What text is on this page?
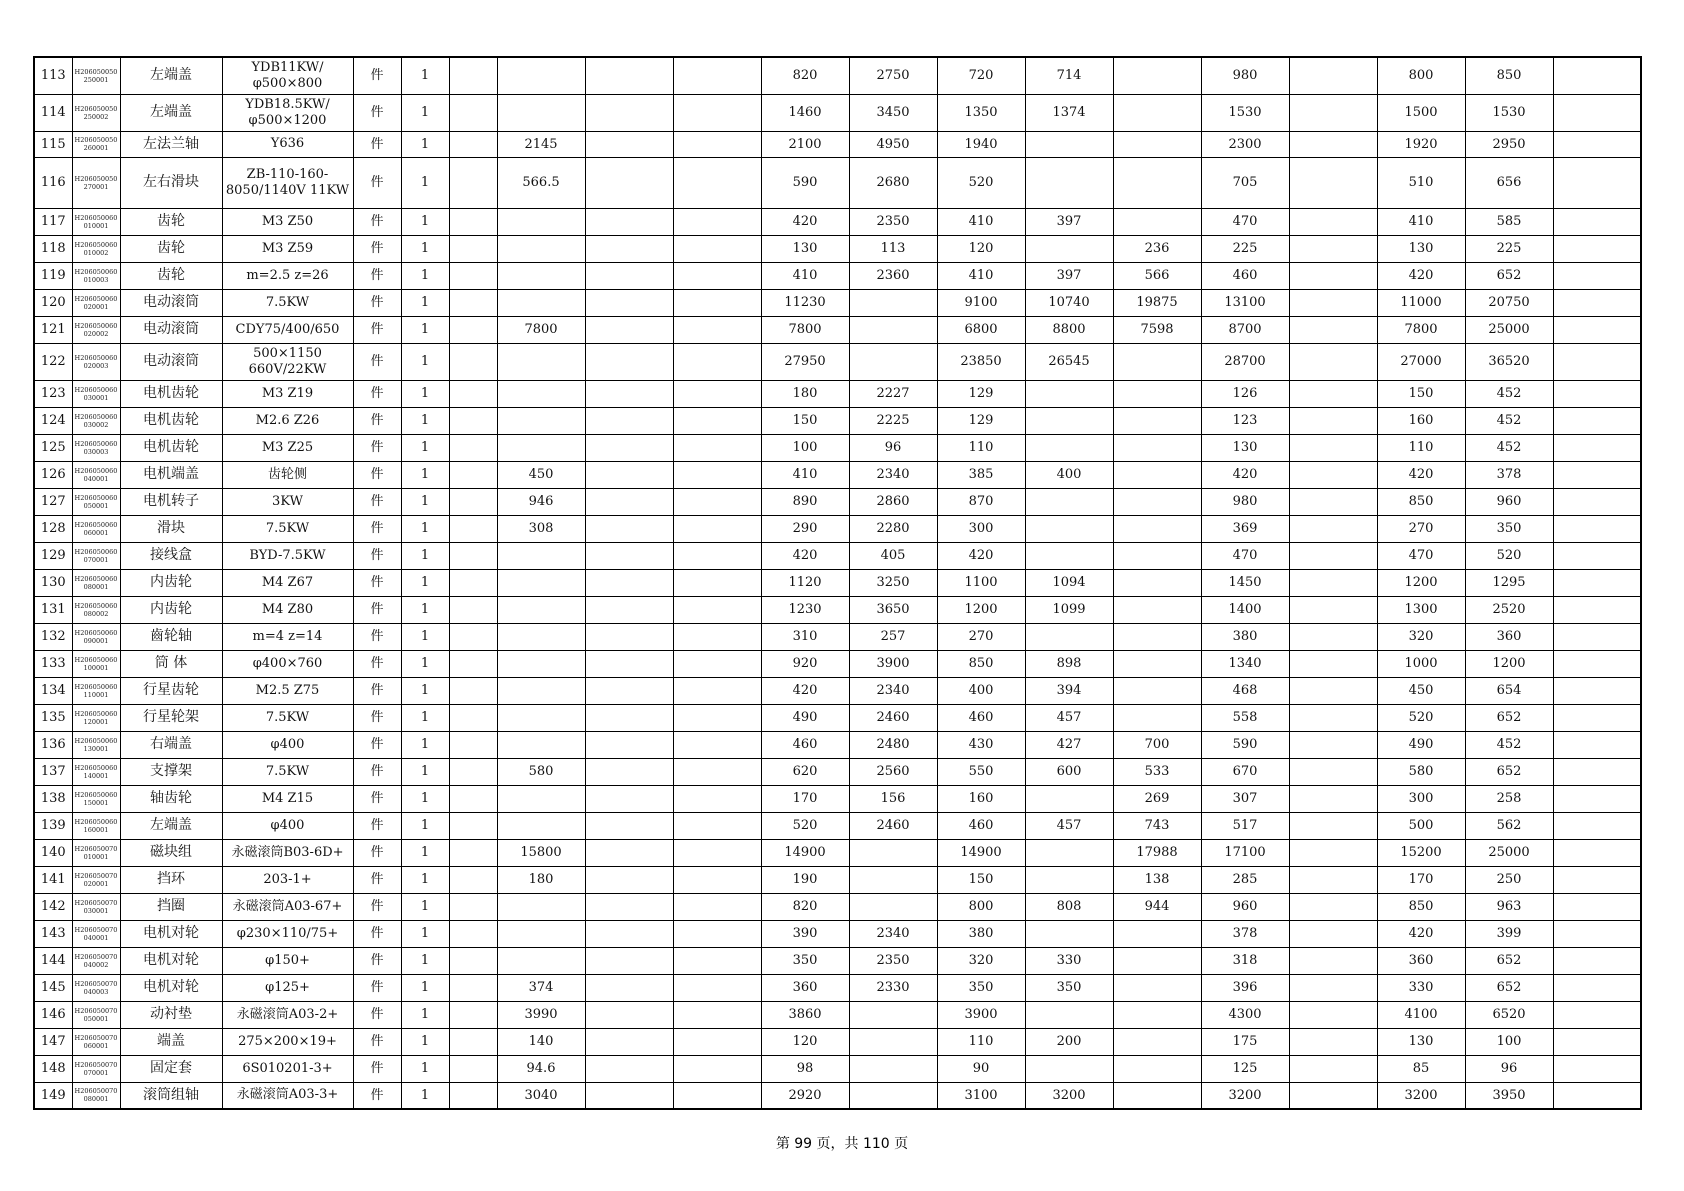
113	H206050050250001	左端盖	YDB11KW/φ500×800	件	1					820	2750	720	714		980		800	850	
114	H206050050250002	左端盖	YDB18.5KW/φ500×1200	件	1					1460	3450	1350	1374		1530		1500	1530	
115	H206050050260001	左法兰轴	Y636	件	1		2145			2100	4950	1940			2300		1920	2950	
116	H206050050270001	左右滑块	ZB-110-160-8050/1140V 11KW	件	1		566.5			590	2680	520			705		510	656	
117	H206050060010001	齿轮	M3 Z50	件	1					420	2350	410	397		470		410	585	
118	H206050060010002	齿轮	M3 Z59	件	1					130	113	120		236	225		130	225	
119	H206050060010003	齿轮	m=2.5 z=26	件	1					410	2360	410	397	566	460		420	652	
120	H206050060020001	电动滚筒	7.5KW	件	1					11230		9100	10740	19875	13100		11000	20750	
121	H206050060020002	电动滚筒	CDY75/400/650	件	1		7800			7800		6800	8800	7598	8700		7800	25000	
122	H206050060020003	电动滚筒	500×1150 660V/22KW	件	1					27950		23850	26545		28700		27000	36520	
123	H206050060030001	电机齿轮	M3 Z19	件	1					180	2227	129			126		150	452	
124	H206050060030002	电机齿轮	M2.6 Z26	件	1					150	2225	129			123		160	452	
125	H206050060030003	电机齿轮	M3 Z25	件	1					100	96	110			130		110	452	
126	H206050060040001	电机端盖	齿轮侧	件	1		450			410	2340	385	400		420		420	378	
127	H206050060050001	电机转子	3KW	件	1		946			890	2860	870			980		850	960	
128	H206050060060001	滑块	7.5KW	件	1		308			290	2280	300			369		270	350	
129	H206050060070001	接线盒	BYD-7.5KW	件	1					420	405	420			470		470	520	
130	H206050060080001	内齿轮	M4 Z67	件	1					1120	3250	1100	1094		1450		1200	1295	
131	H206050060080002	内齿轮	M4 Z80	件	1					1230	3650	1200	1099		1400		1300	2520	
132	H206050060090001	齒轮轴	m=4 z=14	件	1					310	257	270			380		320	360	
133	H206050060100001	筒 体	φ400×760	件	1					920	3900	850	898		1340		1000	1200	
134	H206050060110001	行星齿轮	M2.5 Z75	件	1					420	2340	400	394		468		450	654	
135	H206050060120001	行星轮架	7.5KW	件	1					490	2460	460	457		558		520	652	
136	H206050060130001	右端盖	φ400	件	1					460	2480	430	427	700	590		490	452	
137	H206050060140001	支撑架	7.5KW	件	1		580			620	2560	550	600	533	670		580	652	
138	H206050060150001	轴齿轮	M4 Z15	件	1					170	156	160		269	307		300	258	
139	H206050060160001	左端盖	φ400	件	1					520	2460	460	457	743	517		500	562	
140	H206050070010001	磁块组	永磁滚筒B03-6D+	件	1		15800			14900		14900		17988	17100		15200	25000	
141	H206050070020001	挡环	203-1+	件	1		180			190		150		138	285		170	250	
142	H206050070030001	挡圈	永磁滚筒A03-67+	件	1					820		800	808	944	960		850	963	
143	H206050070040001	电机对轮	φ230×110/75+	件	1					390	2340	380			378		420	399	
144	H206050070040002	电机对轮	φ150+	件	1					350	2350	320	330		318		360	652	
145	H206050070040003	电机对轮	φ125+	件	1		374			360	2330	350	350		396		330	652	
146	H206050070050001	动衬垫	永磁滚筒A03-2+	件	1		3990			3860		3900			4300		4100	6520	
147	H206050070060001	端盖	275×200×19+	件	1		140			120		110	200		175		130	100	
148	H206050070070001	固定套	6S010201-3+	件	1		94.6			98		90			125		85	96	
149	H206050070080001	滚筒组轴	永磁滚筒A03-3+	件	1		3040			2920		3100	3200		3200		3200	3950	
第 99 页，共 110 页
